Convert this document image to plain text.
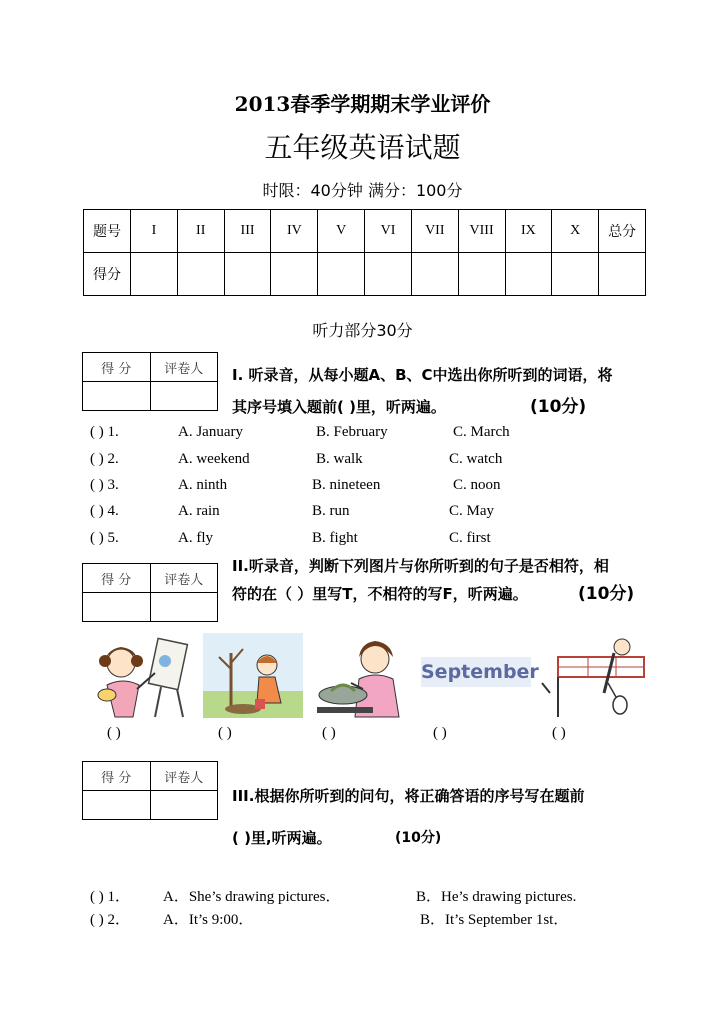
2013春季学期期末学业评价
五年级英语试题
时限：40分钟 满分：100分
题号	I	II	III	IV	V	VI	VII	VIII	IX	X	总分
得分											
听力部分30分
得 分	评卷人
	I. 听录音，从每小题A、B、C中选出你所听到的词语，将
其序号填入题前( )里，听两遍。	(10分)
( ) 1.	A. January	B. February	C. March
( ) 2.	A. weekend	B. walk	C. watch
( ) 3.	A. ninth	B. nineteen	C. noon
( ) 4.	A. rain	B. run	C. May
( ) 5.	A. fly	B. fight	C. first
得 分	评卷人

II.听录音，判断下列图片与你所听到的句子是否相符，相
符的在（ ）里写T，不相符的写F，听两遍。	(10分)
September
( )	( )	( )	( )	( )
得 分	评卷人

III.根据你所听到的问句，将正确答语的序号写在题前
( )里,听两遍。	(10分)
( ) 1． A．She’s drawing pictures．	B．He’s drawing pictures.
( ) 2． A．It’s 9:00．	B．It’s September 1st．
